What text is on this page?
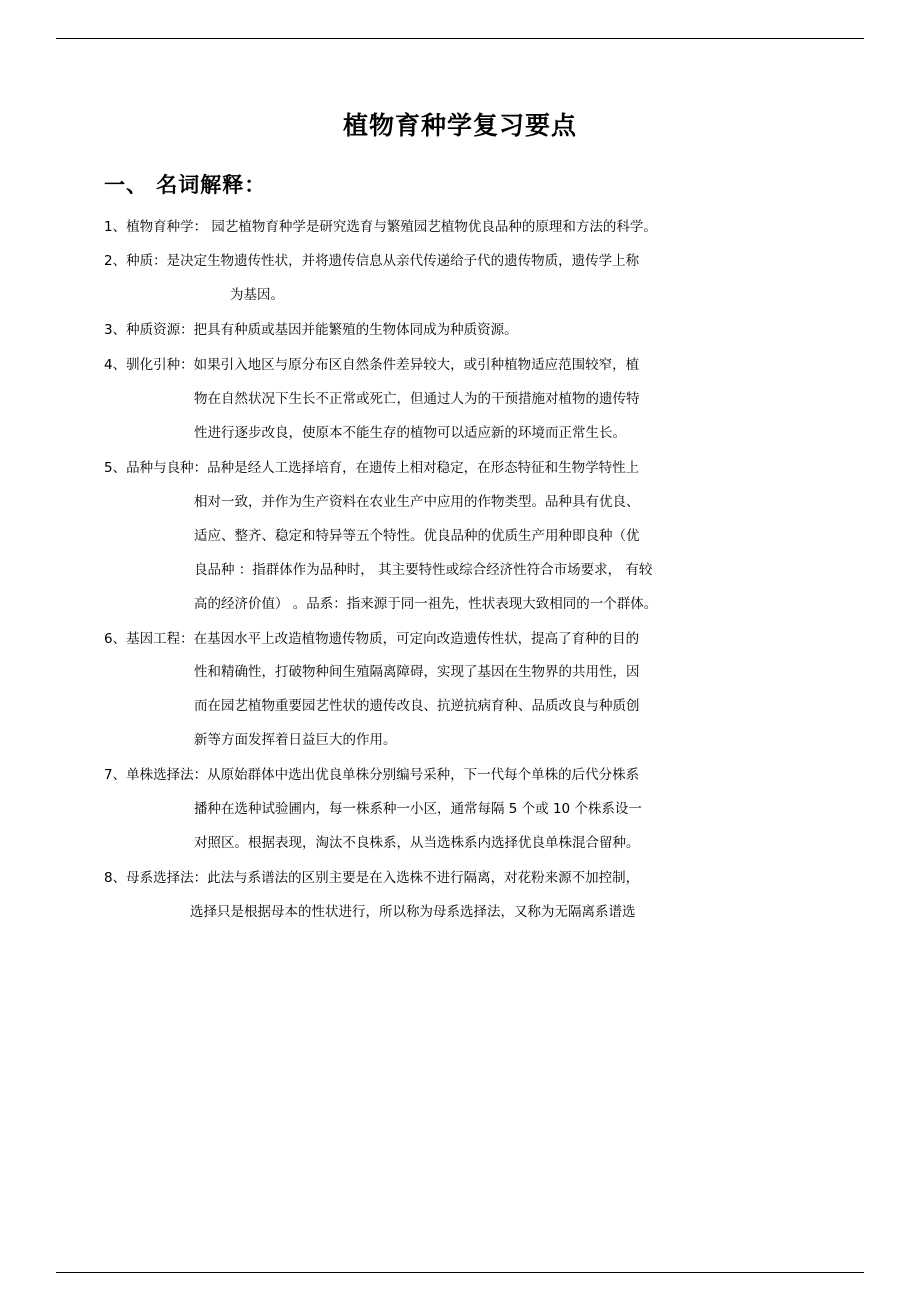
植物育种学复习要点
一、 名词解释：
1、植物育种学： 园艺植物育种学是研究选育与繁殖园艺植物优良品种的原理和方法的科学。
2、种质：是决定生物遗传性状，并将遗传信息从亲代传递给子代的遗传物质，遗传学上称
为基因。
3、种质资源：把具有种质或基因并能繁殖的生物体同成为种质资源。
4、驯化引种：如果引入地区与原分布区自然条件差异较大，或引种植物适应范围较窄，植
物在自然状况下生长不正常或死亡，但通过人为的干预措施对植物的遗传特
性进行逐步改良，使原本不能生存的植物可以适应新的环境而正常生长。
5、品种与良种：品种是经人工选择培育，在遗传上相对稳定，在形态特征和生物学特性上
相对一致，并作为生产资料在农业生产中应用的作物类型。品种具有优良、
适应、整齐、稳定和特异等五个特性。优良品种的优质生产用种即良种（优
良品种 ：指群体作为品种时， 其主要特性或综合经济性符合市场要求， 有较
高的经济价值） 。品系：指来源于同一祖先，性状表现大致相同的一个群体。
6、基因工程：在基因水平上改造植物遗传物质，可定向改造遗传性状，提高了育种的目的
性和精确性，打破物种间生殖隔离障碍，实现了基因在生物界的共用性，因
而在园艺植物重要园艺性状的遗传改良、抗逆抗病育种、品质改良与种质创
新等方面发挥着日益巨大的作用。
7、单株选择法：从原始群体中选出优良单株分别编号采种，下一代每个单株的后代分株系
播种在选种试验圃内，每一株系种一小区，通常每隔 5 个或 10 个株系设一
对照区。根据表现，淘汰不良株系，从当选株系内选择优良单株混合留种。
8、母系选择法：此法与系谱法的区别主要是在入选株不进行隔离，对花粉来源不加控制，
选择只是根据母本的性状进行，所以称为母系选择法，又称为无隔离系谱选
